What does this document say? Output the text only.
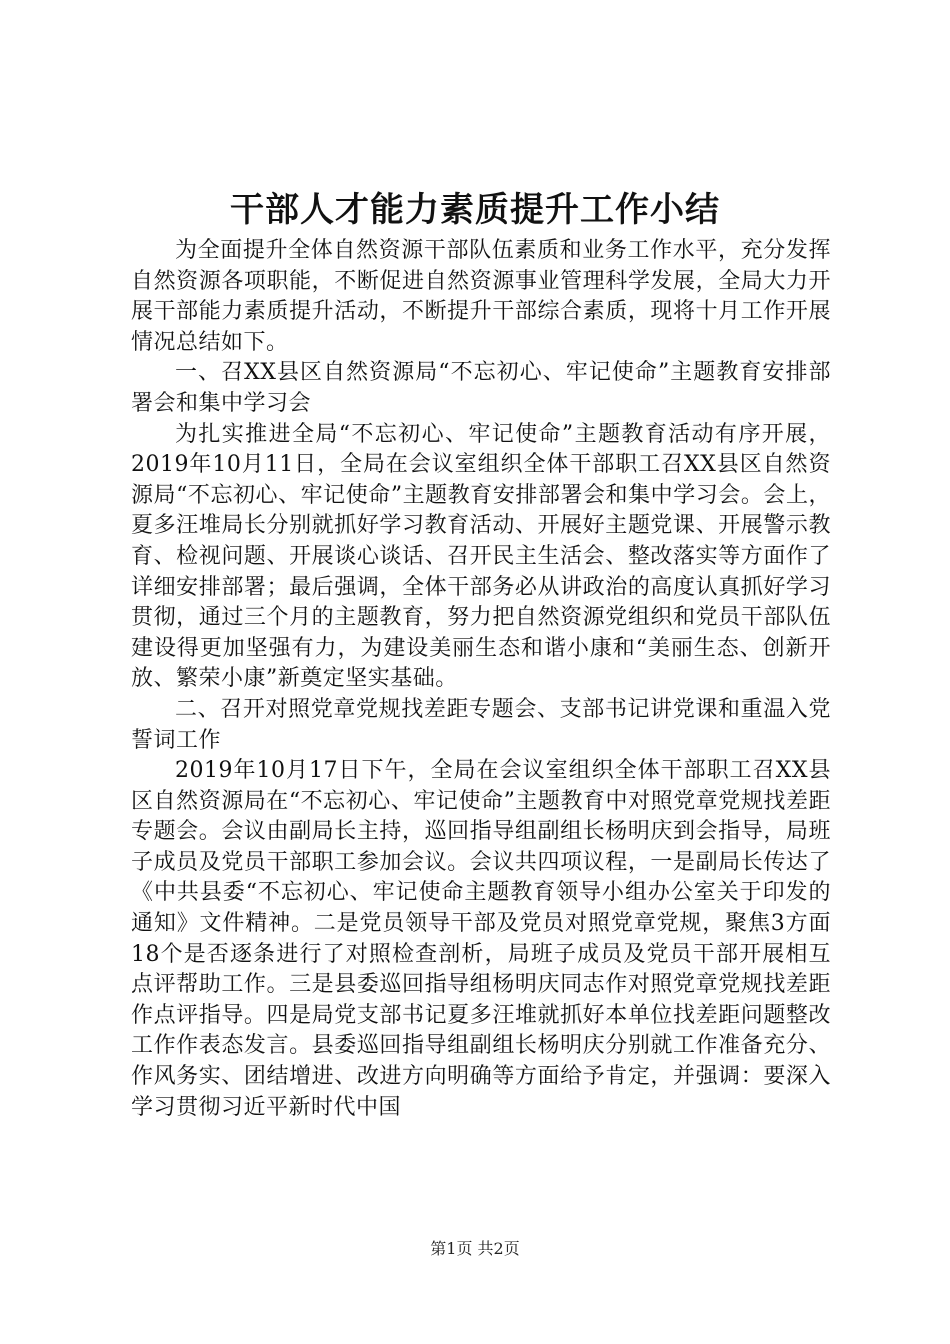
干部人才能力素质提升工作小结

为全面提升全体自然资源干部队伍素质和业务工作水平，充分发挥自然资源各项职能，不断促进自然资源事业管理科学发展，全局大力开展干部能力素质提升活动，不断提升干部综合素质，现将十月工作开展情况总结如下。

一、召XX县区自然资源局“不忘初心、牢记使命”主题教育安排部署会和集中学习会

为扎实推进全局“不忘初心、牢记使命”主题教育活动有序开展，2019年10月11日，全局在会议室组织全体干部职工召XX县区自然资源局“不忘初心、牢记使命”主题教育安排部署会和集中学习会。会上，夏多汪堆局长分别就抓好学习教育活动、开展好主题党课、开展警示教育、检视问题、开展谈心谈话、召开民主生活会、整改落实等方面作了详细安排部署；最后强调，全体干部务必从讲政治的高度认真抓好学习贯彻，通过三个月的主题教育，努力把自然资源党组织和党员干部队伍建设得更加坚强有力，为建设美丽生态和谐小康和“美丽生态、创新开放、繁荣小康”新奠定坚实基础。

二、召开对照党章党规找差距专题会、支部书记讲党课和重温入党誓词工作

2019年10月17日下午，全局在会议室组织全体干部职工召XX县区自然资源局在“不忘初心、牢记使命”主题教育中对照党章党规找差距专题会。会议由副局长主持，巡回指导组副组长杨明庆到会指导，局班子成员及党员干部职工参加会议。会议共四项议程，一是副局长传达了《中共县委“不忘初心、牢记使命主题教育领导小组办公室关于印发的通知》文件精神。二是党员领导干部及党员对照党章党规，聚焦3方面18个是否逐条进行了对照检查剖析，局班子成员及党员干部开展相互点评帮助工作。三是县委巡回指导组杨明庆同志作对照党章党规找差距作点评指导。四是局党支部书记夏多汪堆就抓好本单位找差距问题整改工作作表态发言。县委巡回指导组副组长杨明庆分别就工作准备充分、作风务实、团结增进、改进方向明确等方面给予肯定，并强调：要深入学习贯彻习近平新时代中国

第1页 共2页
